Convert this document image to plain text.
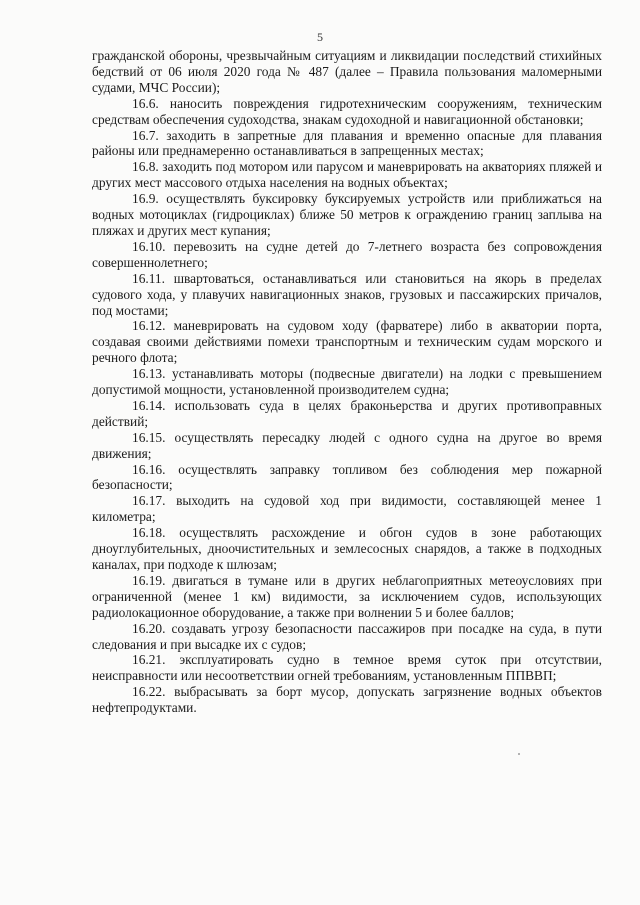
5

гражданской обороны, чрезвычайным ситуациям и ликвидации последствий стихийных бедствий от 06 июля 2020 года № 487 (далее – Правила пользования маломерными судами, МЧС России);

16.6. наносить повреждения гидротехническим сооружениям, техническим средствам обеспечения судоходства, знакам судоходной и навигационной обстановки;

16.7. заходить в запретные для плавания и временно опасные для плавания районы или преднамеренно останавливаться в запрещенных местах;

16.8. заходить под мотором или парусом и маневрировать на акваториях пляжей и других мест массового отдыха населения на водных объектах;

16.9. осуществлять буксировку буксируемых устройств или приближаться на водных мотоциклах (гидроциклах) ближе 50 метров к ограждению границ заплыва на пляжах и других мест купания;

16.10. перевозить на судне детей до 7-летнего возраста без сопровождения совершеннолетнего;

16.11. швартоваться, останавливаться или становиться на якорь в пределах судового хода, у плавучих навигационных знаков, грузовых и пассажирских причалов, под мостами;

16.12. маневрировать на судовом ходу (фарватере) либо в акватории порта, создавая своими действиями помехи транспортным и техническим судам морского и речного флота;

16.13. устанавливать моторы (подвесные двигатели) на лодки с превышением допустимой мощности, установленной производителем судна;

16.14. использовать суда в целях браконьерства и других противоправных действий;

16.15. осуществлять пересадку людей с одного судна на другое во время движения;

16.16. осуществлять заправку топливом без соблюдения мер пожарной безопасности;

16.17. выходить на судовой ход при видимости, составляющей менее 1 километра;

16.18. осуществлять расхождение и обгон судов в зоне работающих дноуглубительных, дноочистительных и землесосных снарядов, а также в подходных каналах, при подходе к шлюзам;

16.19. двигаться в тумане или в других неблагоприятных метеоусловиях при ограниченной (менее 1 км) видимости, за исключением судов, использующих радиолокационное оборудование, а также при волнении 5 и более баллов;

16.20. создавать угрозу безопасности пассажиров при посадке на суда, в пути следования и при высадке их с судов;

16.21. эксплуатировать судно в темное время суток при отсутствии, неисправности или несоответствии огней требованиям, установленным ППВВП;

16.22. выбрасывать за борт мусор, допускать загрязнение водных объектов нефтепродуктами.
